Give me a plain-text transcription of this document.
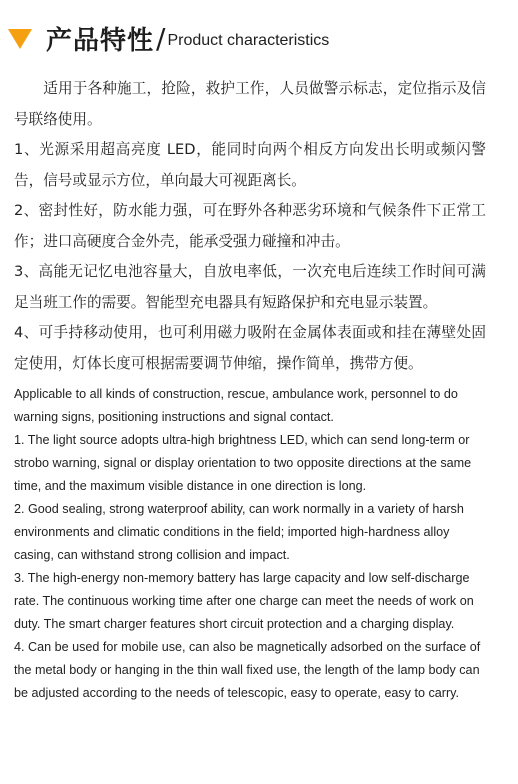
产品特性 / Product characteristics

适用于各种施工，抢险，救护工作，人员做警示标志，定位指示及信号联络使用。

1、光源采用超高亮度 LED，能同时向两个相反方向发出长明或频闪警告，信号或显示方位，单向最大可视距离长。

2、密封性好，防水能力强，可在野外各种恶劣环境和气候条件下正常工作；进口高硬度合金外壳，能承受强力碰撞和冲击。

3、高能无记忆电池容量大，自放电率低，一次充电后连续工作时间可满足当班工作的需要。智能型充电器具有短路保护和充电显示装置。

4、可手持移动使用，也可利用磁力吸附在金属体表面或和挂在薄壁处固定使用，灯体长度可根据需要调节伸缩，操作简单，携带方便。

Applicable to all kinds of construction, rescue, ambulance work, personnel to do warning signs, positioning instructions and signal contact.

1. The light source adopts ultra-high brightness LED, which can send long-term or strobo warning, signal or display orientation to two opposite directions at the same time, and the maximum visible distance in one direction is long.

2. Good sealing, strong waterproof ability, can work normally in a variety of harsh environments and climatic conditions in the field; imported high-hardness alloy casing, can withstand strong collision and impact.

3. The high-energy non-memory battery has large capacity and low self-discharge rate. The continuous working time after one charge can meet the needs of work on duty. The smart charger features short circuit protection and a charging display.

4. Can be used for mobile use, can also be magnetically adsorbed on the surface of the metal body or hanging in the thin wall fixed use, the length of the lamp body can be adjusted according to the needs of telescopic, easy to operate, easy to carry.
